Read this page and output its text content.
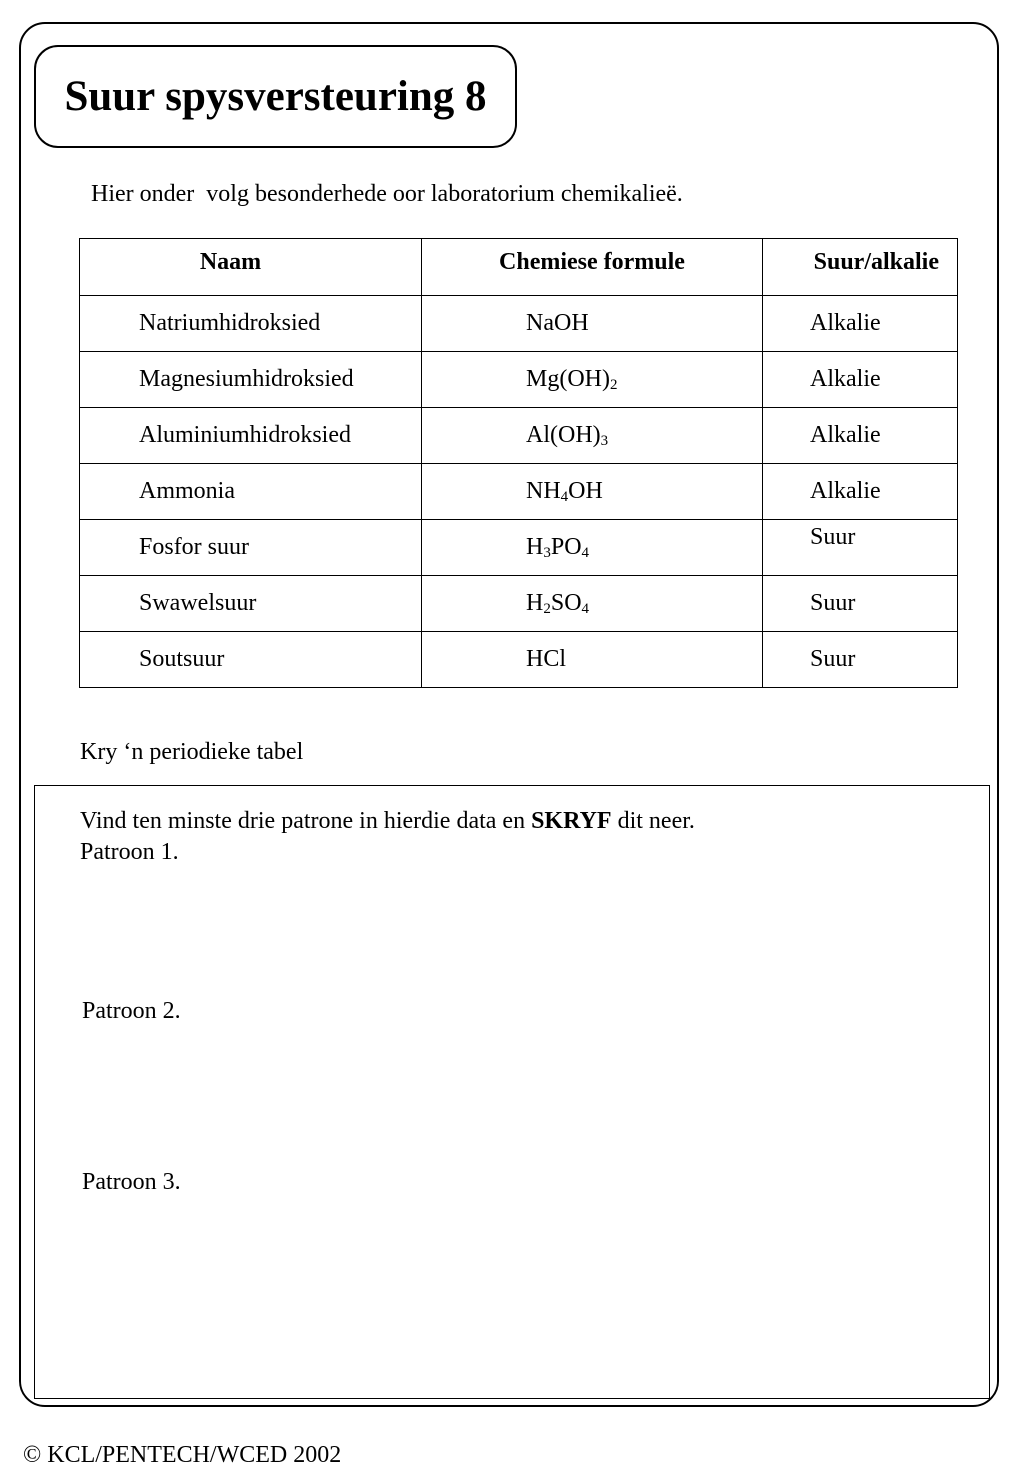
Suur spysversteuring 8
Hier onder  volg besonderhede oor laboratorium chemikalieë.
Naam	Chemiese formule	Suur/alkalie
Natriumhidroksied	NaOH	Alkalie
Magnesiumhidroksied	$Mg(OH)_2$	Alkalie
Aluminiumhidroksied	$Al(OH)_3$	Alkalie
Ammonia	$NH_4OH$	Alkalie
Fosfor suur	$H_3PO_4$	Suur
Swawelsuur	$H_2SO_4$	Suur
Soutsuur	HCl	Suur
Kry ‘n periodieke tabel
Vind ten minste drie patrone in hierdie data en SKRYF dit neer.
Patroon 1.
Patroon 2.
Patroon 3.
© KCL/PENTECH/WCED 2002
